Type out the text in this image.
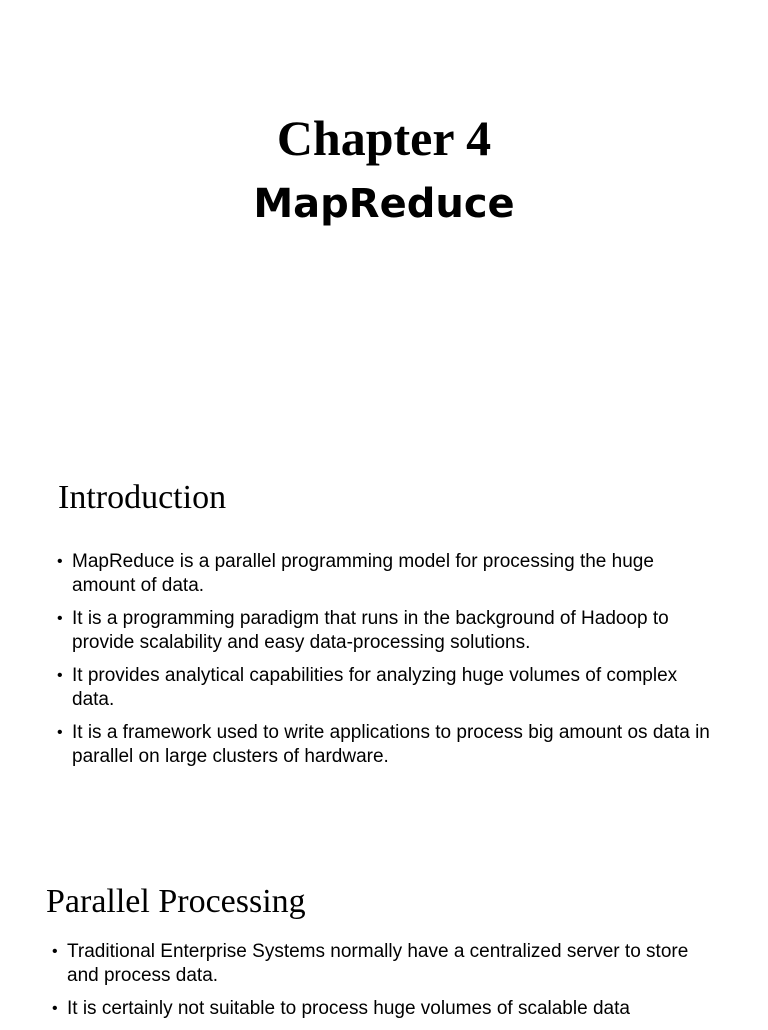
Chapter 4
MapReduce
Introduction
• MapReduce is a parallel programming model for processing the huge amount of data.
• It is a programming paradigm that runs in the background of Hadoop to provide scalability and easy data-processing solutions.
• It provides analytical capabilities for analyzing huge volumes of complex data.
• It is a framework used to write applications to process big amount os data in parallel on large clusters of hardware.
Parallel Processing
• Traditional Enterprise Systems normally have a centralized server to store and process data.
• It is certainly not suitable to process huge volumes of scalable data
